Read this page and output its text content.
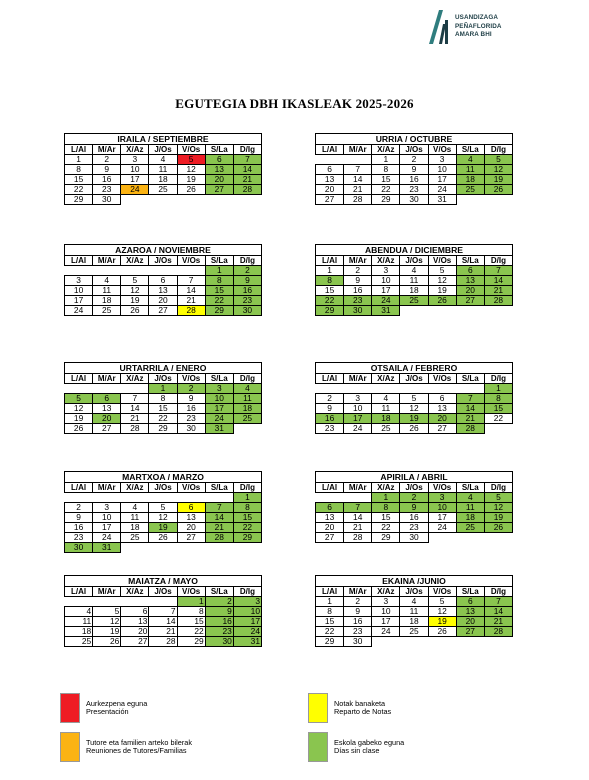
USANDIZAGA
PEÑAFLORIDA
AMARA BHI
EGUTEGIA DBH IKASLEAK 2025-2026
IRAILA / SEPTIEMBRE
L/Al	M/Ar	X/Az	J/Os	V/Os	S/La	D/Ig
1	2	3	4	5	6	7
8	9	10	11	12	13	14
15	16	17	18	19	20	21
22	23	24	25	26	27	28
29	30					
URRIA / OCTUBRE
L/Al	M/Ar	X/Az	J/Os	V/Os	S/La	D/Ig
		1	2	3	4	5
6	7	8	9	10	11	12
13	14	15	16	17	18	19
20	21	22	23	24	25	26
27	28	29	30	31		
AZAROA / NOVIEMBRE
L/Al	M/Ar	X/Az	J/Os	V/Os	S/La	D/Ig
					1	2
3	4	5	6	7	8	9
10	11	12	13	14	15	16
17	18	19	20	21	22	23
24	25	26	27	28	29	30
ABENDUA / DICIEMBRE
L/Al	M/Ar	X/Az	J/Os	V/Os	S/La	D/Ig
1	2	3	4	5	6	7
8	9	10	11	12	13	14
15	16	17	18	19	20	21
22	23	24	25	26	27	28
29	30	31				
URTARRILA / ENERO
L/Al	M/Ar	X/Az	J/Os	V/Os	S/La	D/Ig
			1	2	3	4
5	6	7	8	9	10	11
12	13	14	15	16	17	18
19	20	21	22	23	24	25
26	27	28	29	30	31	
OTSAILA / FEBRERO
L/Al	M/Ar	X/Az	J/Os	V/Os	S/La	D/Ig
						1
2	3	4	5	6	7	8
9	10	11	12	13	14	15
16	17	18	19	20	21	22
23	24	25	26	27	28	
MARTXOA / MARZO
L/Al	M/Ar	X/Az	J/Os	V/Os	S/La	D/Ig
						1
2	3	4	5	6	7	8
9	10	11	12	13	14	15
16	17	18	19	20	21	22
23	24	25	26	27	28	29
30	31					
APIRILA / ABRIL
L/Al	M/Ar	X/Az	J/Os	V/Os	S/La	D/Ig
		1	2	3	4	5
6	7	8	9	10	11	12
13	14	15	16	17	18	19
20	21	22	23	24	25	26
27	28	29	30			
MAIATZA / MAYO
L/Al	M/Ar	X/Az	J/Os	V/Os	S/La	D/Ig
				1	2	3
4	5	6	7	8	9	10
11	12	13	14	15	16	17
18	19	20	21	22	23	24
25	26	27	28	29	30	31
EKAINA /JUNIO
L/Al	M/Ar	X/Az	J/Os	V/Os	S/La	D/Ig
1	2	3	4	5	6	7
8	9	10	11	12	13	14
15	16	17	18	19	20	21
22	23	24	25	26	27	28
29	30					
Aurkezpena eguna
Presentación
Notak banaketa
Reparto de Notas
Tutore eta familien arteko bilerak
Reuniones de Tutores/Familias
Eskola gabeko eguna
Días sin clase
